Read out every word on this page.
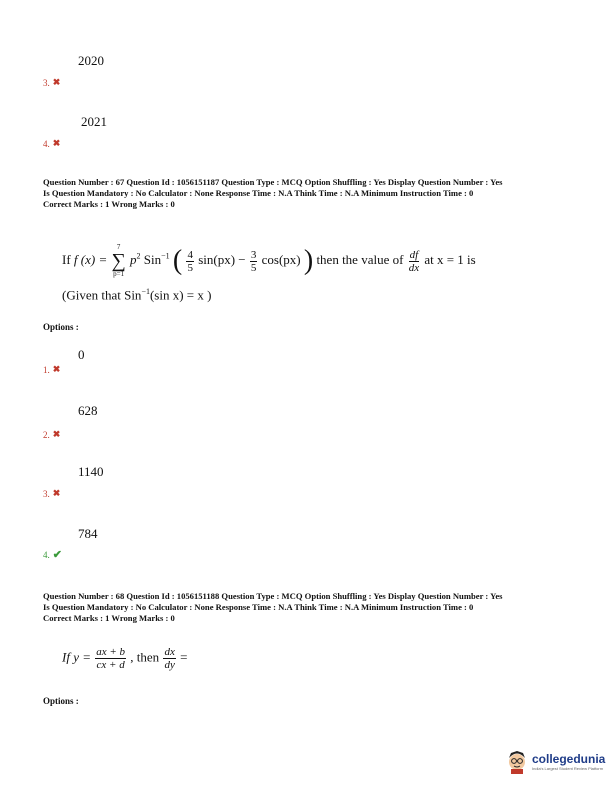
2020
3. ✖
2021
4. ✖
Question Number : 67 Question Id : 1056151187 Question Type : MCQ Option Shuffling : Yes Display Question Number : Yes
Is Question Mandatory : No Calculator : None Response Time : N.A Think Time : N.A Minimum Instruction Time : 0
Correct Marks : 1 Wrong Marks : 0
If f (x) =
7
∑
p=1
$p^2$ Sin$^{-1}$ ( $\frac{4}{5} \sin(px) - \frac{3}{5} \cos(px)$ ) then the value of $\frac{df}{dx}$ at x = 1 is
(Given that Sin$^{-1}$(sin x) = x )
Options :
0
1. ✖
628
2. ✖
1140
3. ✖
784
4. ✔
Question Number : 68 Question Id : 1056151188 Question Type : MCQ Option Shuffling : Yes Display Question Number : Yes
Is Question Mandatory : No Calculator : None Response Time : N.A Think Time : N.A Minimum Instruction Time : 0
Correct Marks : 1 Wrong Marks : 0
If $y = \frac{ax + b}{cx + d}$ , then $\frac{dx}{dy}$ =
Options :
collegedunia
India's Largest Student Review Platform
